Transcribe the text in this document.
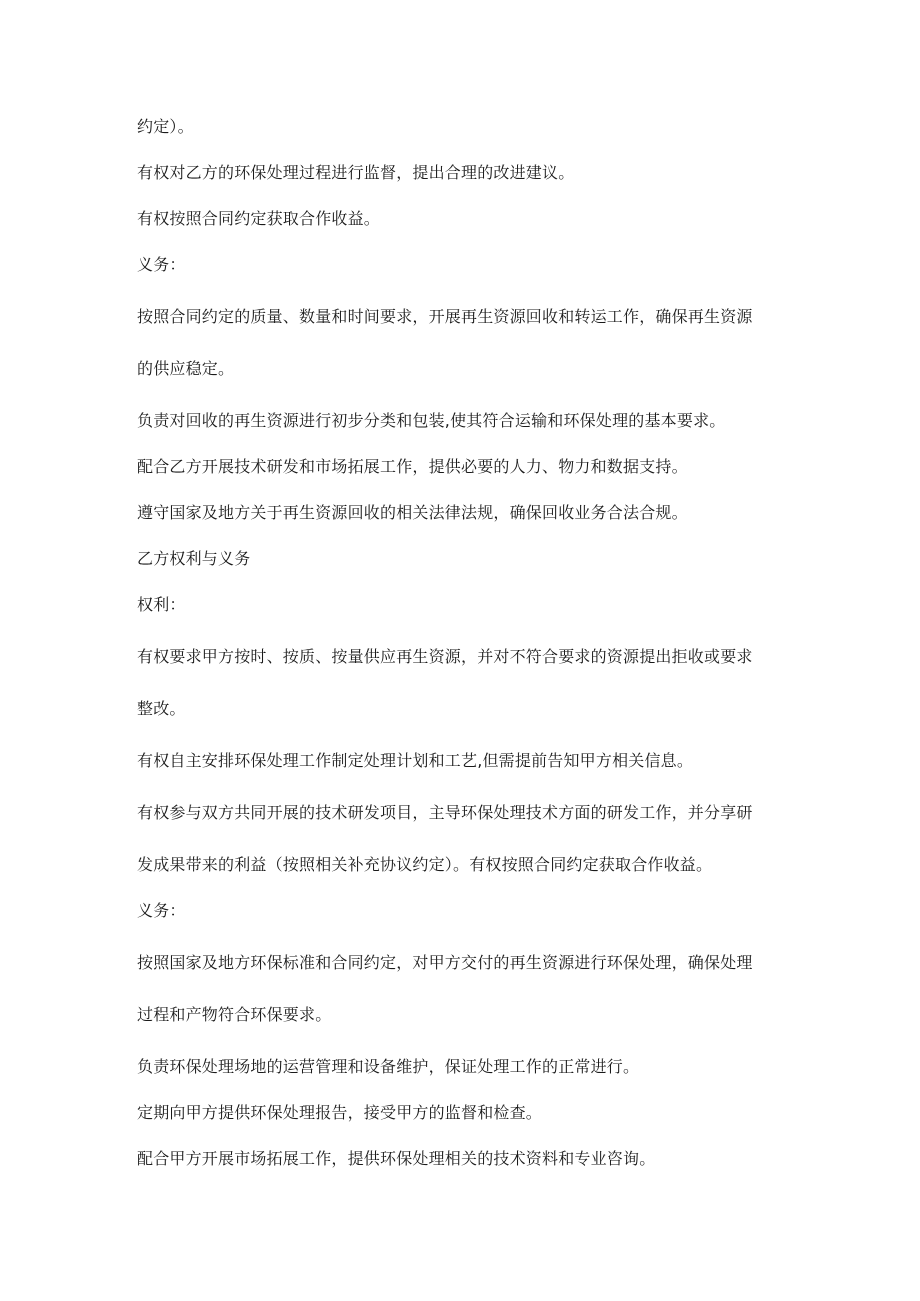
约定）。
有权对乙方的环保处理过程进行监督，提出合理的改进建议。
有权按照合同约定获取合作收益。
义务：
按照合同约定的质量、数量和时间要求，开展再生资源回收和转运工作，确保再生资源
的供应稳定。
负责对回收的再生资源进行初步分类和包装,使其符合运输和环保处理的基本要求。
配合乙方开展技术研发和市场拓展工作，提供必要的人力、物力和数据支持。
遵守国家及地方关于再生资源回收的相关法律法规，确保回收业务合法合规。
乙方权利与义务
权利：
有权要求甲方按时、按质、按量供应再生资源，并对不符合要求的资源提出拒收或要求
整改。
有权自主安排环保处理工作制定处理计划和工艺,但需提前告知甲方相关信息。
有权参与双方共同开展的技术研发项目，主导环保处理技术方面的研发工作，并分享研
发成果带来的利益（按照相关补充协议约定）。有权按照合同约定获取合作收益。
义务：
按照国家及地方环保标准和合同约定，对甲方交付的再生资源进行环保处理，确保处理
过程和产物符合环保要求。
负责环保处理场地的运营管理和设备维护，保证处理工作的正常进行。
定期向甲方提供环保处理报告，接受甲方的监督和检查。
配合甲方开展市场拓展工作，提供环保处理相关的技术资料和专业咨询。
